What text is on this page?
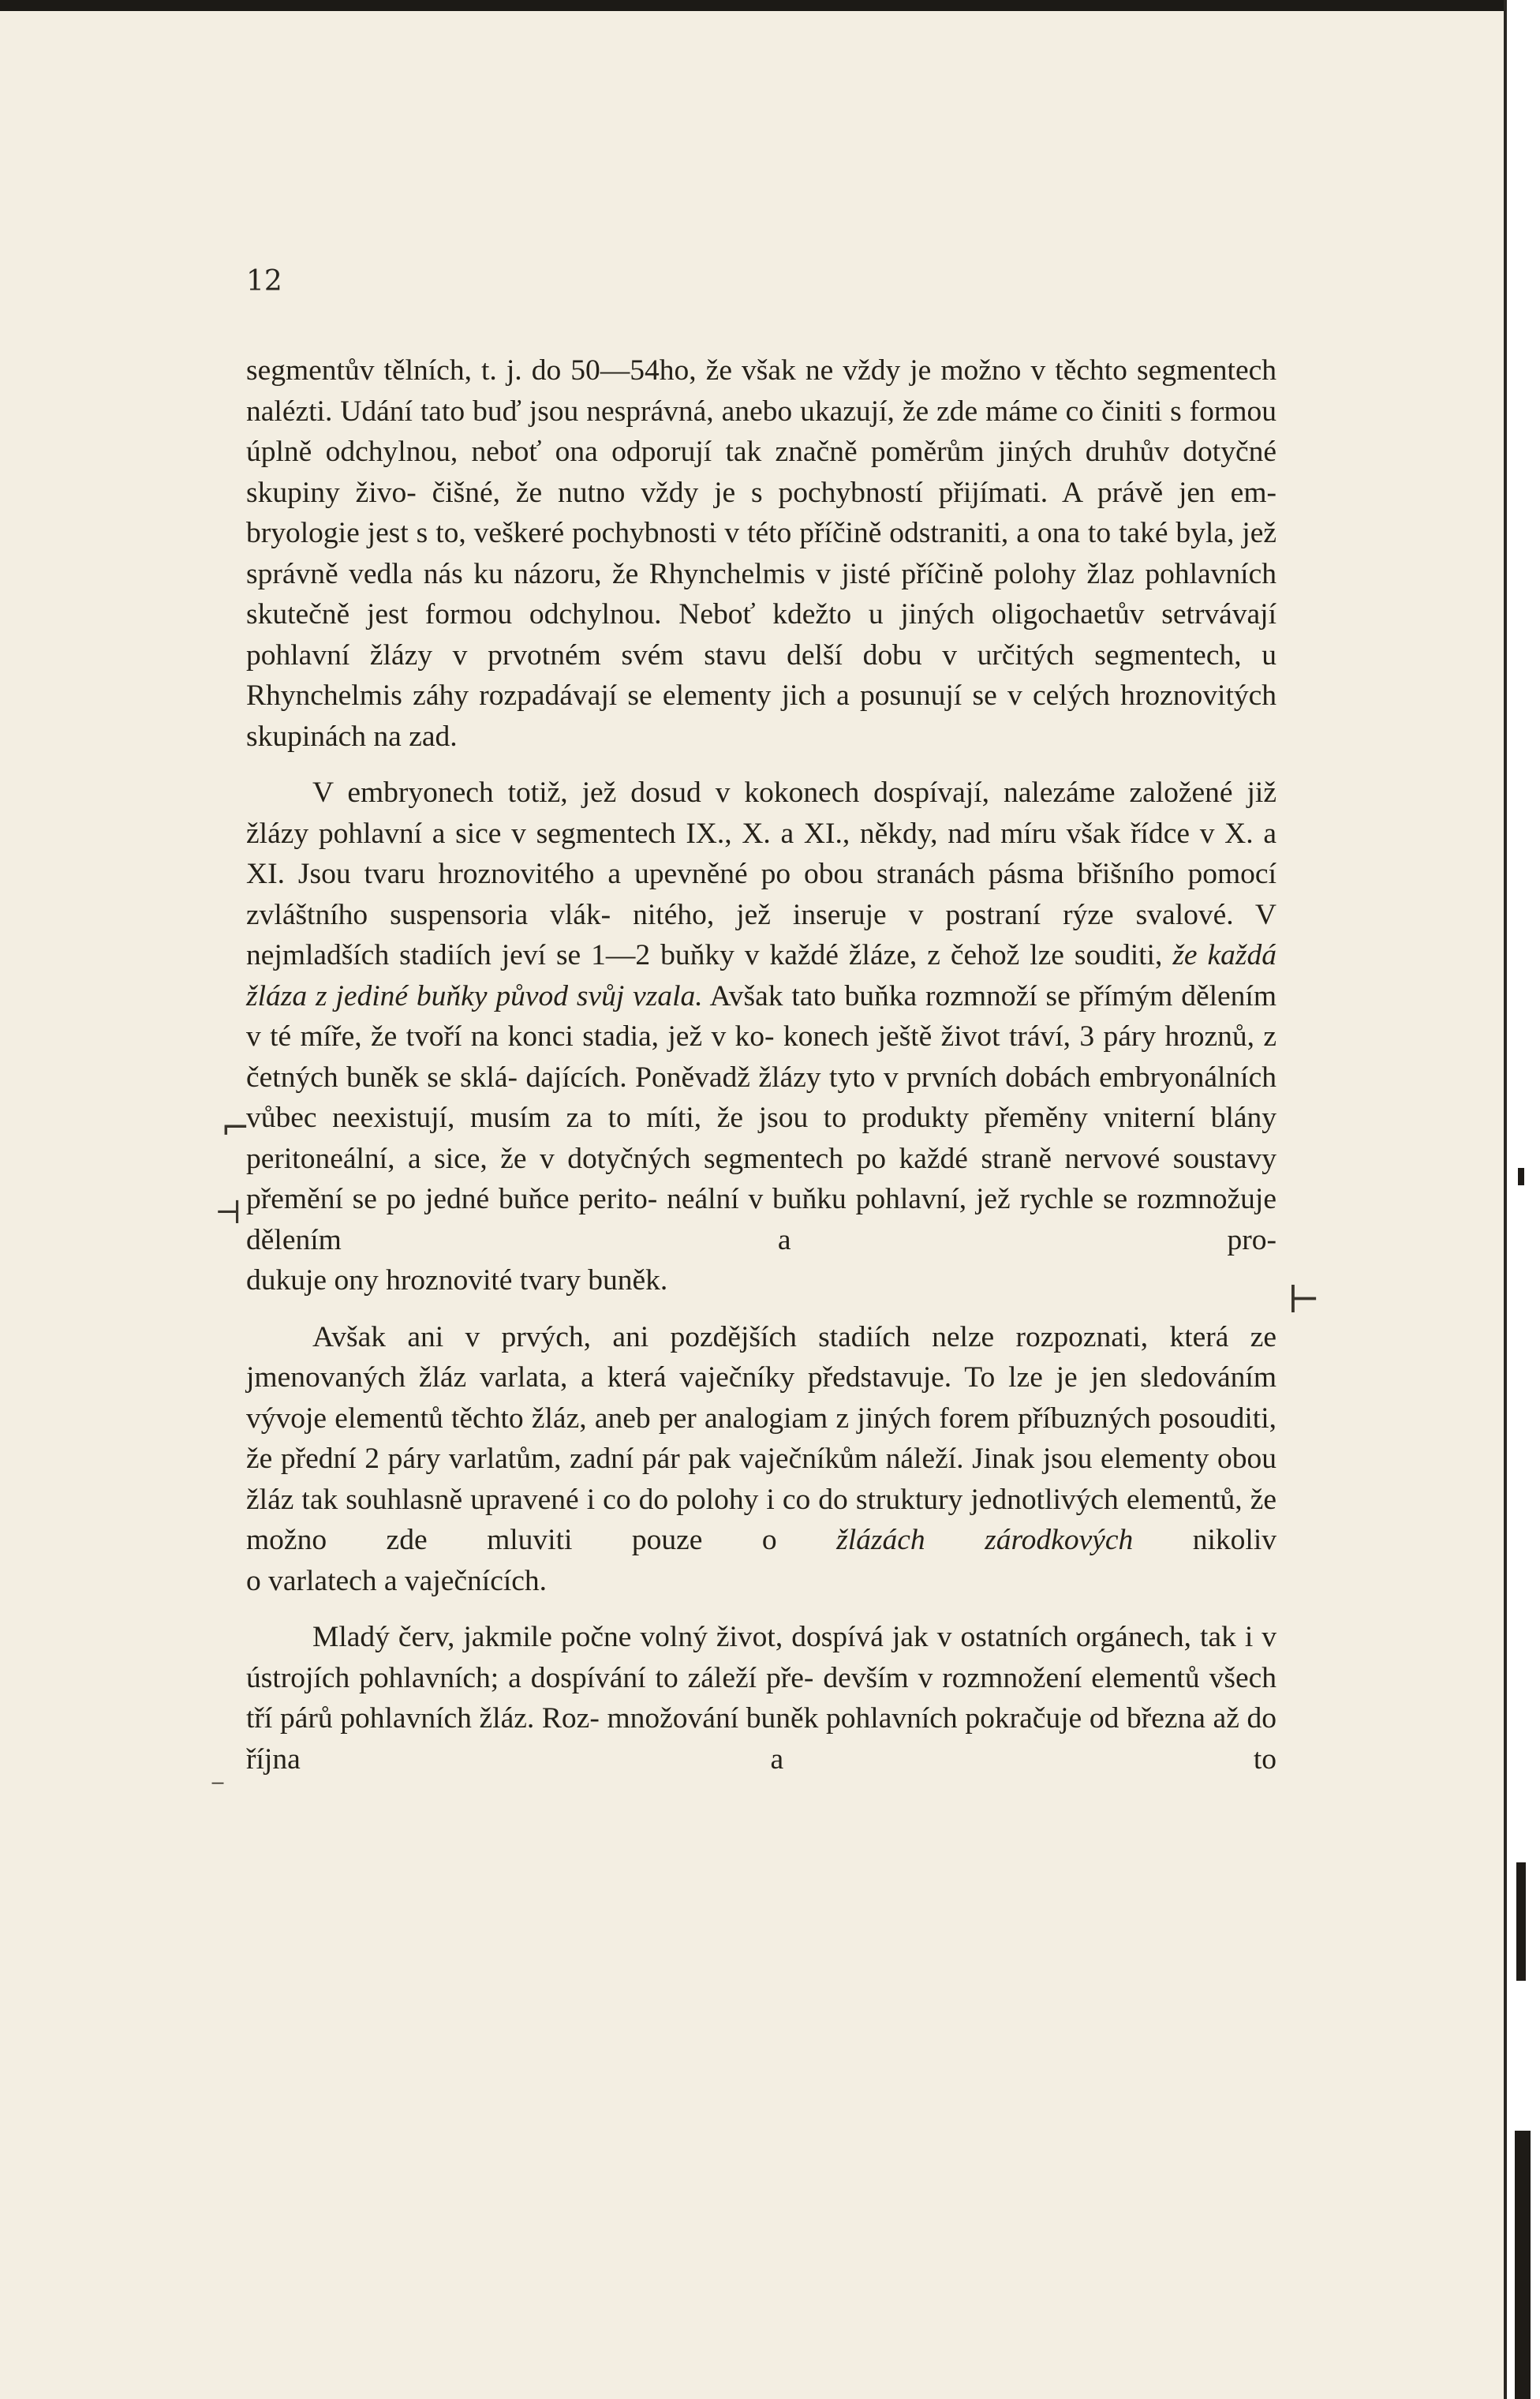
12

segmentův tělních, t. j. do 50—54ho, že však ne vždy je možno v těchto segmentech nalézti. Udání tato buď jsou nesprávná, anebo ukazují, že zde máme co činiti s formou úplně odchylnou, neboť ona odporují tak značně poměrům jiných druhův dotyčné skupiny živo- čišné, že nutno vždy je s pochybností přijímati. A právě jen em- bryologie jest s to, veškeré pochybnosti v této příčině odstraniti, a ona to také byla, jež správně vedla nás ku názoru, že Rhynchelmis v jisté příčině polohy žlaz pohlavních skutečně jest formou odchylnou. Neboť kdežto u jiných oligochaetův setrvávají pohlavní žlázy v prvotném svém stavu delší dobu v určitých segmentech, u Rhynchelmis záhy rozpadávají se elementy jich a posunují se v celých hroznovitých

skupinách na zad.

V embryonech totiž, jež dosud v kokonech dospívají, nalezáme založené již žlázy pohlavní a sice v segmentech IX., X. a XI., někdy, nad míru však řídce v X. a XI. Jsou tvaru hroznovitého a upevněné po obou stranách pásma břišního pomocí zvláštního suspensoria vlák- nitého, jež inseruje v postraní rýze svalové. V nejmladších stadiích jeví se 1—2 buňky v každé žláze, z čehož lze souditi, že každá žláza z jediné buňky původ svůj vzala. Avšak tato buňka rozmnoží se přímým dělením v té míře, že tvoří na konci stadia, jež v ko- konech ještě život tráví, 3 páry hroznů, z četných buněk se sklá- dajících. Poněvadž žlázy tyto v prvních dobách embryonálních vůbec neexistují, musím za to míti, že jsou to produkty přeměny vniterní blány peritoneální, a sice, že v dotyčných segmentech po každé straně nervové soustavy přemění se po jedné buňce perito- neální v buňku pohlavní, jež rychle se rozmnožuje dělením a pro-

dukuje ony hroznovité tvary buněk.

Avšak ani v prvých, ani pozdějších stadiích nelze rozpoznati, která ze jmenovaných žláz varlata, a která vaječníky představuje. To lze je jen sledováním vývoje elementů těchto žláz, aneb per analogiam z jiných forem příbuzných posouditi, že přední 2 páry varlatům, zadní pár pak vaječníkům náleží. Jinak jsou elementy obou žláz tak souhlasně upravené i co do polohy i co do struktury jednotlivých elementů, že možno zde mluviti pouze o žlázách zárodkových nikoliv

o varlatech a vaječnících.

Mladý červ, jakmile počne volný život, dospívá jak v ostatních orgánech, tak i v ústrojích pohlavních; a dospívání to záleží pře- devším v rozmnožení elementů všech tří párů pohlavních žláz. Roz- množování buněk pohlavních pokračuje od března až do října a to

⌐
⊣
⊢
⁻
